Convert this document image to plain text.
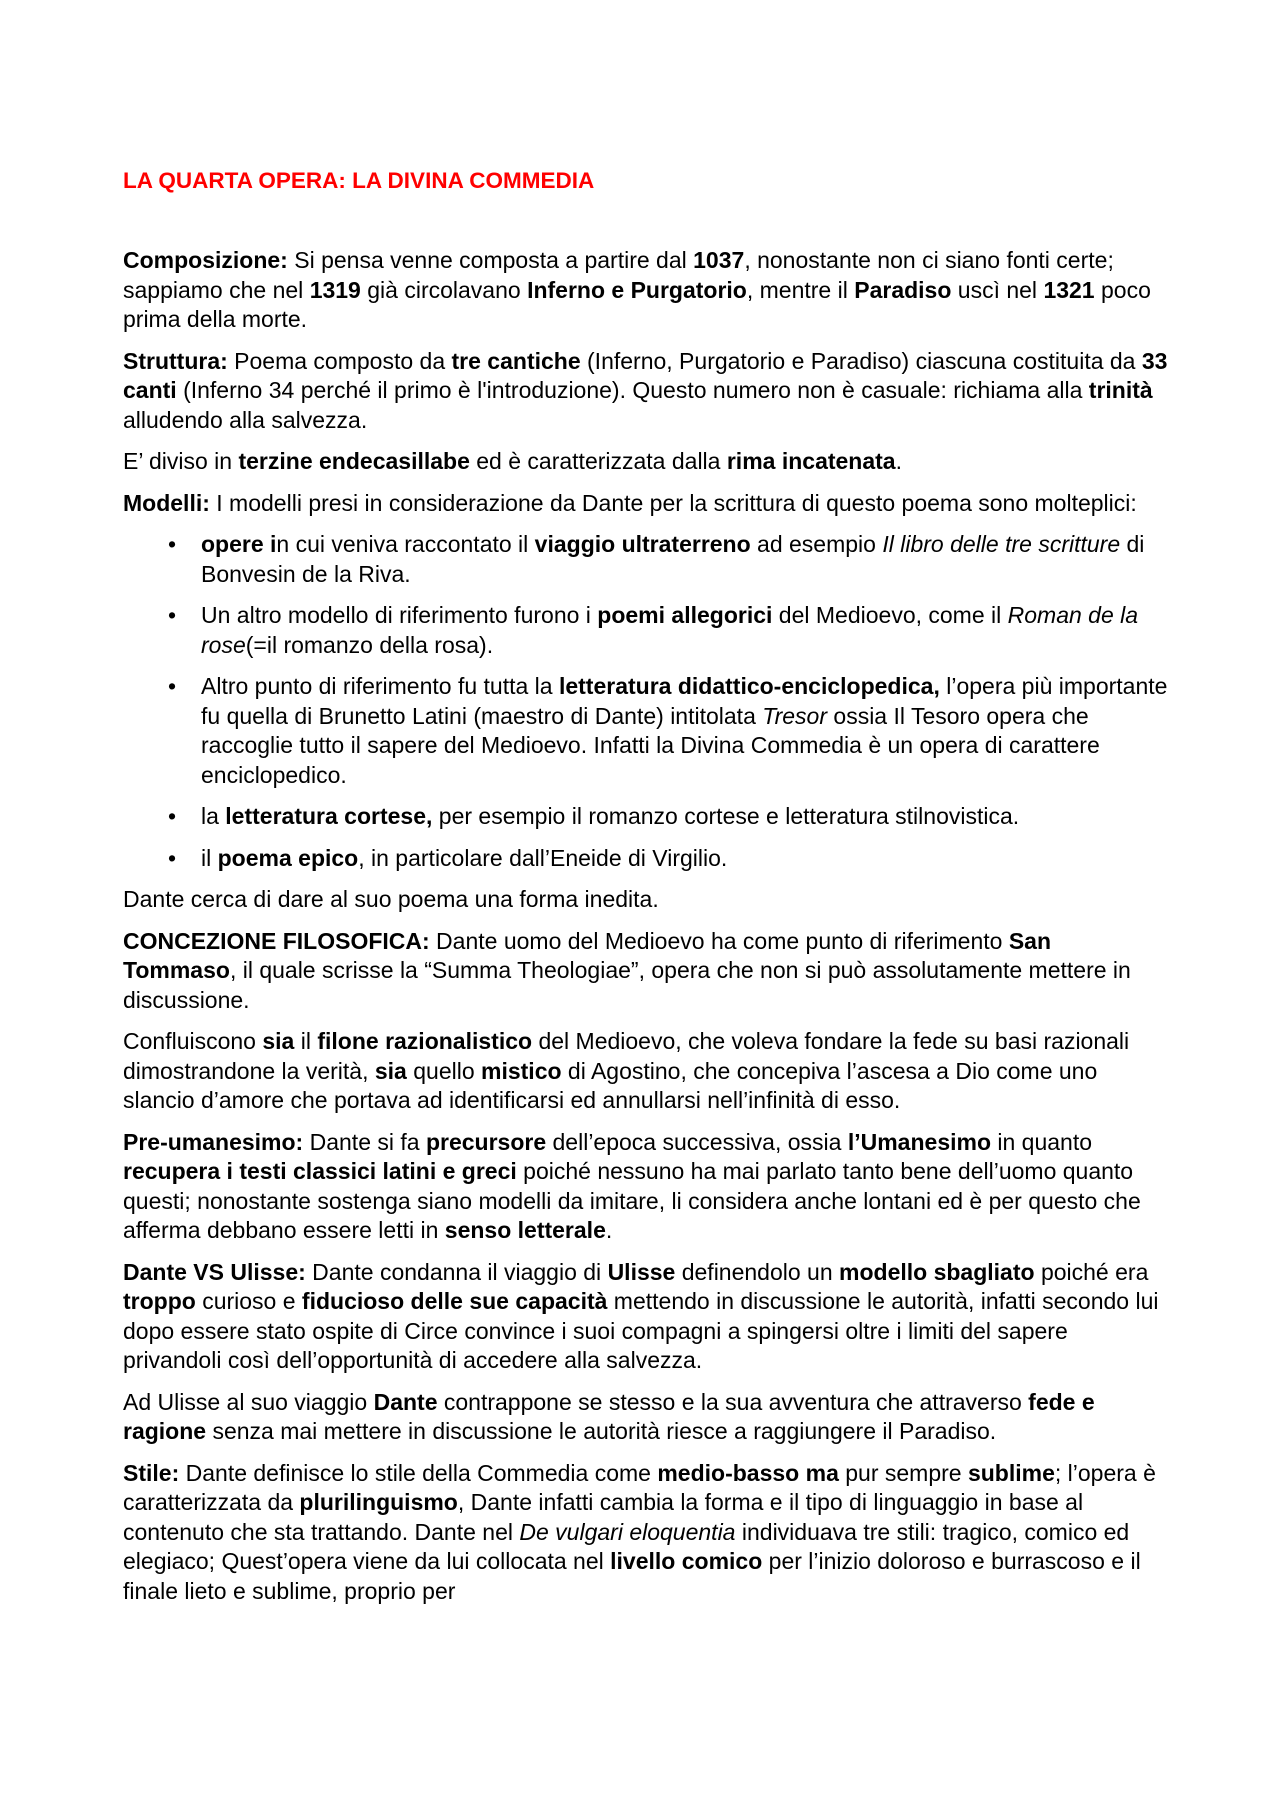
LA QUARTA OPERA: LA DIVINA COMMEDIA

Composizione: Si pensa venne composta a partire dal 1037, nonostante non ci siano fonti certe; sappiamo che nel 1319 già circolavano Inferno e Purgatorio, mentre il Paradiso uscì nel 1321 poco prima della morte.

Struttura: Poema composto da tre cantiche (Inferno, Purgatorio e Paradiso) ciascuna costituita da 33 canti (Inferno 34 perché il primo è l'introduzione). Questo numero non è casuale: richiama alla trinità alludendo alla salvezza.

E’ diviso in terzine endecasillabe ed è caratterizzata dalla rima incatenata.

Modelli: I modelli presi in considerazione da Dante per la scrittura di questo poema sono molteplici:

• opere in cui veniva raccontato il viaggio ultraterreno ad esempio Il libro delle tre scritture di Bonvesin de la Riva.
• Un altro modello di riferimento furono i poemi allegorici del Medioevo, come il Roman de la rose(=il romanzo della rosa).
• Altro punto di riferimento fu tutta la letteratura didattico-enciclopedica, l’opera più importante fu quella di Brunetto Latini (maestro di Dante) intitolata Tresor ossia Il Tesoro opera che raccoglie tutto il sapere del Medioevo. Infatti la Divina Commedia è un opera di carattere enciclopedico.
• la letteratura cortese, per esempio il romanzo cortese e letteratura stilnovistica.
• il poema epico, in particolare dall’Eneide di Virgilio.

Dante cerca di dare al suo poema una forma inedita.

CONCEZIONE FILOSOFICA: Dante uomo del Medioevo ha come punto di riferimento San Tommaso, il quale scrisse la “Summa Theologiae”, opera che non si può assolutamente mettere in discussione.

Confluiscono sia il filone razionalistico del Medioevo, che voleva fondare la fede su basi razionali dimostrandone la verità, sia quello mistico di Agostino, che concepiva l’ascesa a Dio come uno slancio d’amore che portava ad identificarsi ed annullarsi nell’infinità di esso.

Pre-umanesimo: Dante si fa precursore dell’epoca successiva, ossia l’Umanesimo in quanto recupera i testi classici latini e greci poiché nessuno ha mai parlato tanto bene dell’uomo quanto questi; nonostante sostenga siano modelli da imitare, li considera anche lontani ed è per questo che afferma debbano essere letti in senso letterale.

Dante VS Ulisse: Dante condanna il viaggio di Ulisse definendolo un modello sbagliato poiché era troppo curioso e fiducioso delle sue capacità mettendo in discussione le autorità, infatti secondo lui dopo essere stato ospite di Circe convince i suoi compagni a spingersi oltre i limiti del sapere privandoli così dell’opportunità di accedere alla salvezza.

Ad Ulisse al suo viaggio Dante contrappone se stesso e la sua avventura che attraverso fede e ragione senza mai mettere in discussione le autorità riesce a raggiungere il Paradiso.

Stile: Dante definisce lo stile della Commedia come medio-basso ma pur sempre sublime; l’opera è caratterizzata da plurilinguismo, Dante infatti cambia la forma e il tipo di linguaggio in base al contenuto che sta trattando. Dante nel De vulgari eloquentia individuava tre stili: tragico, comico ed elegiaco; Quest’opera viene da lui collocata nel livello comico per l’inizio doloroso e burrascoso e il finale lieto e sublime, proprio per
